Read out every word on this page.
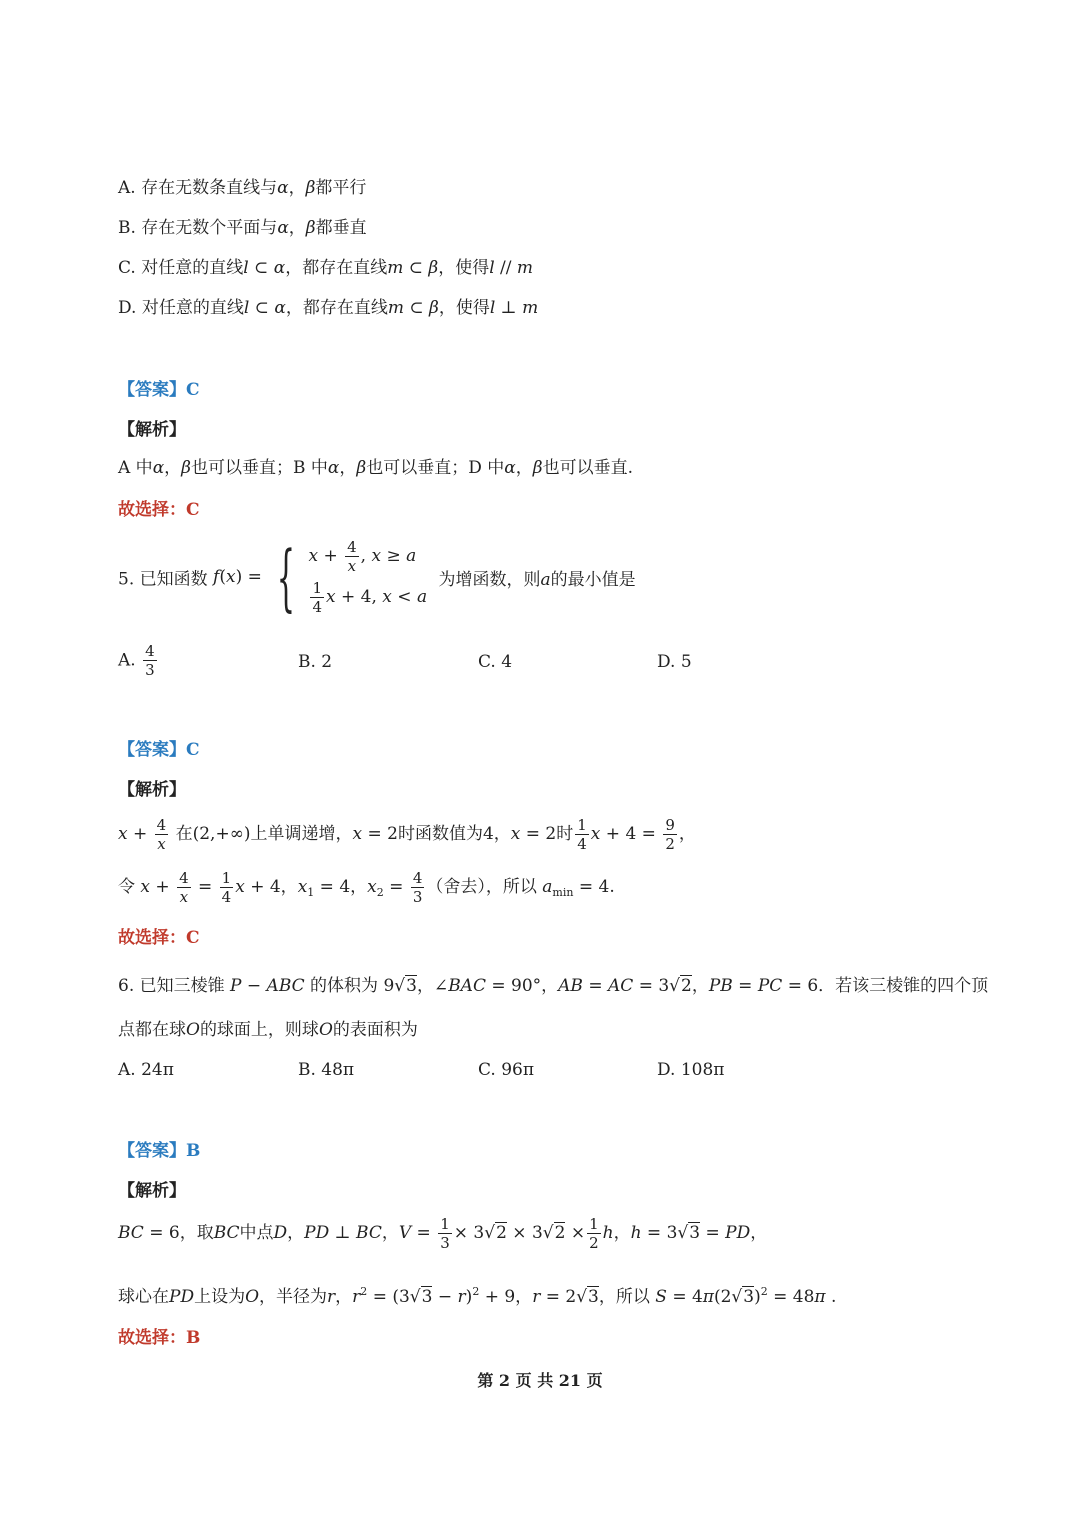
A. 存在无数条直线与α，β都平行
B. 存在无数个平面与α，β都垂直
C. 对任意的直线l ⊂ α，都存在直线m ⊂ β，使得l // m
D. 对任意的直线l ⊂ α，都存在直线m ⊂ β，使得l ⊥ m
【答案】C
【解析】
A 中α，β也可以垂直；B 中α，β也可以垂直；D 中α，β也可以垂直.
故选择：C
5. 已知函数 f(x) = { $x + \frac{4}{x}$ , x ≥ a
$\frac{1}{4}$ x + 4, x < a
为增函数，则a的最小值是
A. $\frac{4}{3}$	B. 2	C. 4	D. 5
【答案】C
【解析】
$x + \frac{4}{x}$ 在(2,+∞)上单调递增，x = 2时函数值为4，x = 2时 $\frac{1}{4}$ $x + 4 = \frac{9}{2}$ ，
令 $x + \frac{4}{x} = \frac{1}{4}$ x + 4，$x_1 = 4$，$x_2 = \frac{4}{3}$ （舍去），所以 $a_{min} = 4$.
故选择：C
6. 已知三棱锥 P − ABC 的体积为 9√3，∠BAC = 90°，AB = AC = 3√2，PB = PC = 6．若该三棱锥的四个顶
点都在球O的球面上，则球O的表面积为
A. 24π	B. 48π	C. 96π	D. 108π
【答案】B
【解析】
BC = 6，取BC中点D，PD ⊥ BC，$V = \frac{1}{3} \times 3√2 \times 3√2 \times \frac{1}{2}$ h，h = 3√3 = PD，
球心在PD上设为O，半径为r，$r^2 = (3√3 - r)^2 + 9$，r = 2√3，所以 $S = 4\pi(2√3)^2 = 48\pi$ .
故选择：B
第 2 页 共 21 页
